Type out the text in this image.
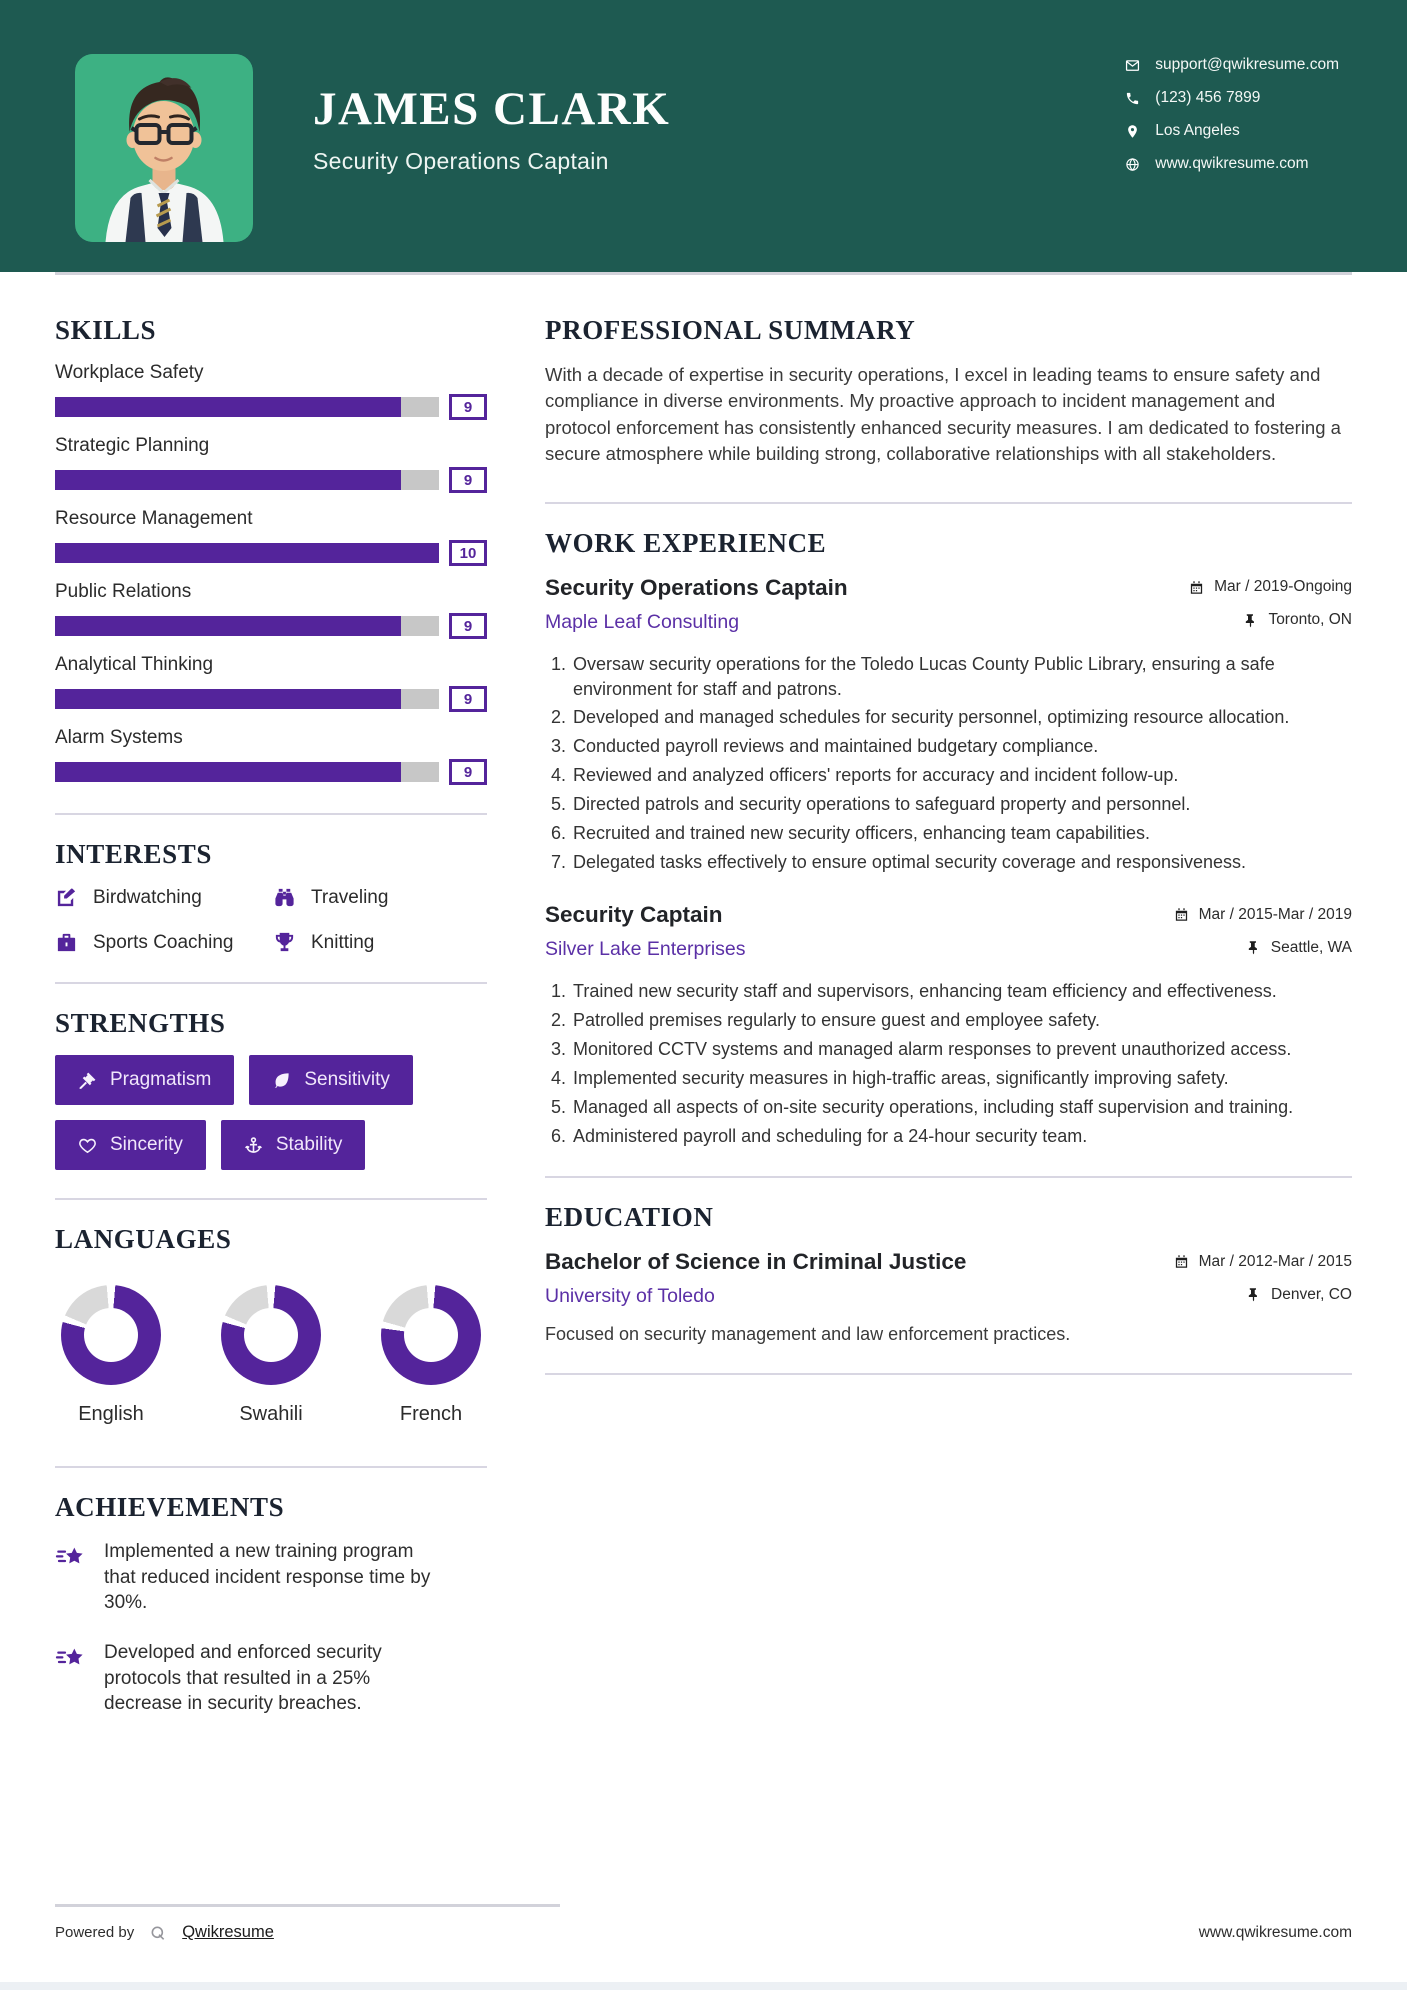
JAMES CLARK
Security Operations Captain
support@qwikresume.com
(123) 456 7899
Los Angeles
www.qwikresume.com
SKILLS
Workplace Safety
9
Strategic Planning
9
Resource Management
10
Public Relations
9
Analytical Thinking
9
Alarm Systems
9
INTERESTS
Birdwatching	Traveling
Sports Coaching	Knitting
STRENGTHS
Pragmatism	Sensitivity
Sincerity	Stability
LANGUAGES
English	Swahili	French
ACHIEVEMENTS
Implemented a new training program that reduced incident response time by 30%.
Developed and enforced security protocols that resulted in a 25% decrease in security breaches.
PROFESSIONAL SUMMARY

With a decade of expertise in security operations, I excel in leading teams to ensure safety and compliance in diverse environments. My proactive approach to incident management and protocol enforcement has consistently enhanced security measures. I am dedicated to fostering a secure atmosphere while building strong, collaborative relationships with all stakeholders.

WORK EXPERIENCE
Security Operations Captain	Mar / 2019-Ongoing
Maple Leaf Consulting	Toronto, ON
1. Oversaw security operations for the Toledo Lucas County Public Library, ensuring a safe environment for staff and patrons.
2. Developed and managed schedules for security personnel, optimizing resource allocation.
3. Conducted payroll reviews and maintained budgetary compliance.
4. Reviewed and analyzed officers' reports for accuracy and incident follow-up.
5. Directed patrols and security operations to safeguard property and personnel.
6. Recruited and trained new security officers, enhancing team capabilities.
7. Delegated tasks effectively to ensure optimal security coverage and responsiveness.
Security Captain	Mar / 2015-Mar / 2019
Silver Lake Enterprises	Seattle, WA
1. Trained new security staff and supervisors, enhancing team efficiency and effectiveness.
2. Patrolled premises regularly to ensure guest and employee safety.
3. Monitored CCTV systems and managed alarm responses to prevent unauthorized access.
4. Implemented security measures in high-traffic areas, significantly improving safety.
5. Managed all aspects of on-site security operations, including staff supervision and training.
6. Administered payroll and scheduling for a 24-hour security team.
EDUCATION
Bachelor of Science in Criminal Justice	Mar / 2012-Mar / 2015
University of Toledo	Denver, CO

Focused on security management and law enforcement practices.

Powered by	Qwikresume	www.qwikresume.com
